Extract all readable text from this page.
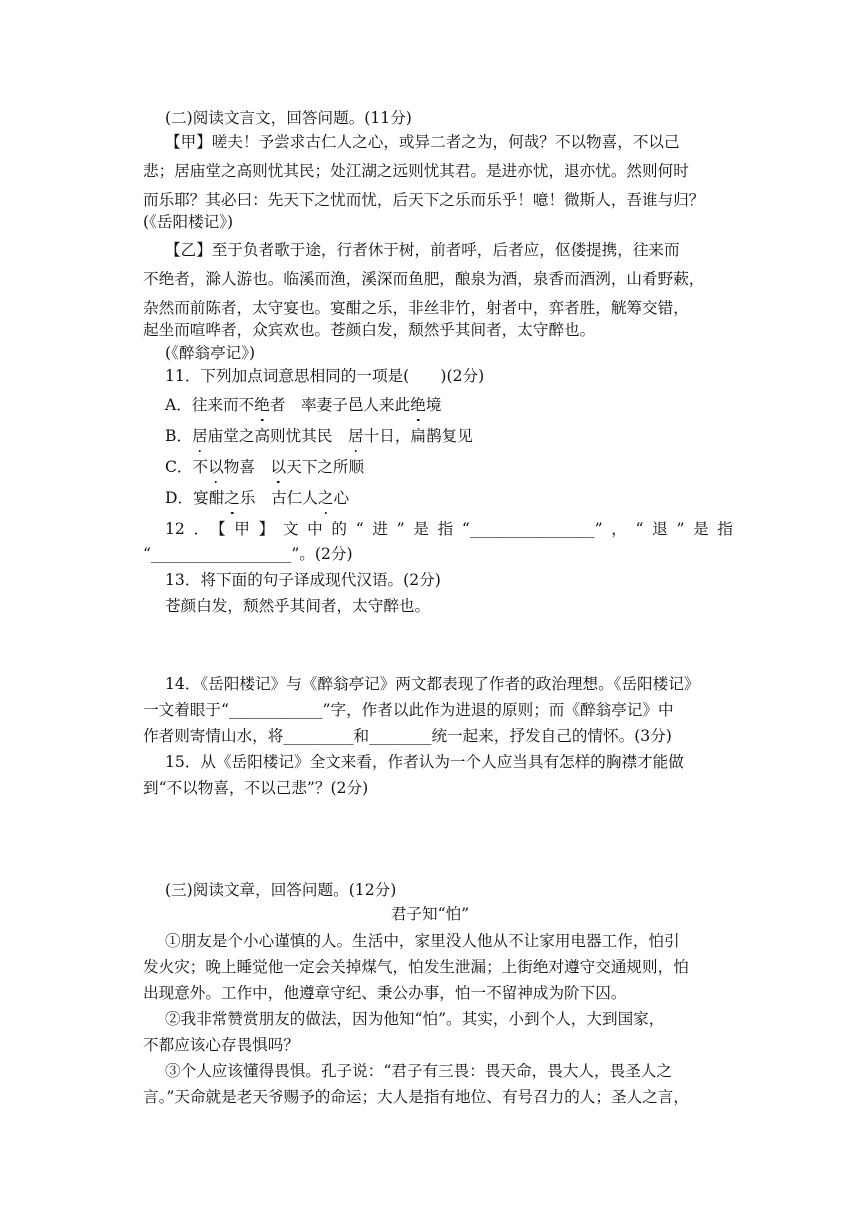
(二)阅读文言文，回答问题。(11分)
【甲】嗟夫！予尝求古仁人之心，或异二者之为，何哉？不以物喜，不以己
悲；居庙堂之高则忧其民；处江湖之远则忧其君。是进亦忧，退亦忧。然则何时
而乐耶？其必曰：先天下之忧而忧，后天下之乐而乐乎！噫！微斯人，吾谁与归？
(《岳阳楼记》)
【乙】至于负者歌于途，行者休于树，前者呼，后者应，伛偻提携，往来而
不绝者，滁人游也。临溪而渔，溪深而鱼肥，酿泉为酒，泉香而酒洌，山肴野蔌，
杂然而前陈者，太守宴也。宴酣之乐，非丝非竹，射者中，弈者胜，觥筹交错，
起坐而喧哗者，众宾欢也。苍颜白发，颓然乎其间者，太守醉也。
(《醉翁亭记》)
11．下列加点词意思相同的一项是(　　)(2分)
A．往来而不绝者　率妻子邑人来此绝境
B．居庙堂之高则忧其民　居十日，扁鹊复见
C．不以物喜　以天下之所顺
D．宴酣之乐　古仁人之心
12．【甲】文中的“进”是指“________________”，“退”是指
“__________________”。(2分)
13．将下面的句子译成现代汉语。(2分)
苍颜白发，颓然乎其间者，太守醉也。
14．《岳阳楼记》与《醉翁亭记》两文都表现了作者的政治理想。《岳阳楼记》
一文着眼于“____________”字，作者以此作为进退的原则；而《醉翁亭记》中
作者则寄情山水，将_________和________统一起来，抒发自己的情怀。(3分)
15．从《岳阳楼记》全文来看，作者认为一个人应当具有怎样的胸襟才能做
到“不以物喜，不以己悲”？(2分)
(三)阅读文章，回答问题。(12分)
君子知“怕”
①朋友是个小心谨慎的人。生活中，家里没人他从不让家用电器工作，怕引
发火灾；晚上睡觉他一定会关掉煤气，怕发生泄漏；上街绝对遵守交通规则，怕
出现意外。工作中，他遵章守纪、秉公办事，怕一不留神成为阶下囚。
②我非常赞赏朋友的做法，因为他知“怕”。其实，小到个人，大到国家，
不都应该心存畏惧吗？
③个人应该懂得畏惧。孔子说：“君子有三畏：畏天命，畏大人，畏圣人之
言。”天命就是老天爷赐予的命运；大人是指有地位、有号召力的人；圣人之言，
